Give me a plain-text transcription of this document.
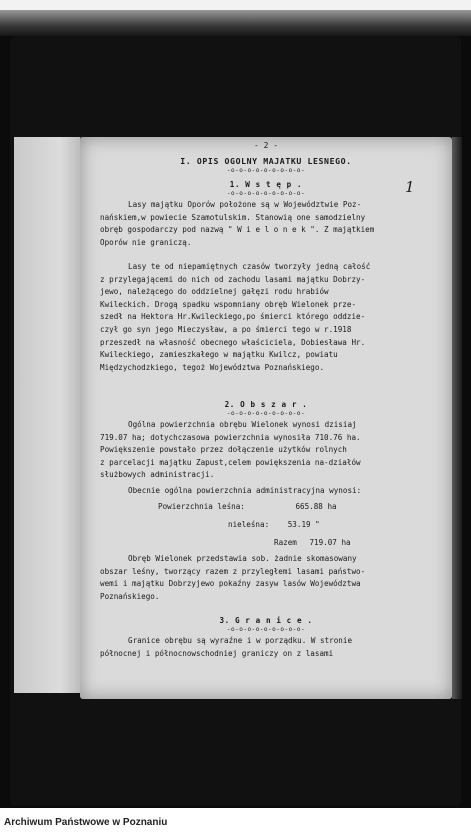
- 2 -
I. OPIS OGOLNY MAJATKU LESNEGO.
-o-o-o-o-o-o-o-o-o-
1
1. W s t ę p .
-o-o-o-o-o-o-o-o-o-
Lasy majątku Oporów położone są w Województwie Poz-
nańskiem,w powiecie Szamotulskim. Stanowią one samodzielny
obręb gospodarczy pod nazwą " W i e l o n e k ". Z majątkiem
Oporów nie graniczą.
Lasy te od niepamiętnych czasów tworzyły jedną całość
z przylegającemi do nich od zachodu lasami majątku Dobrzy-
jewo, należącego do oddzielnej gałęzi rodu hrabiów
Kwileckich. Drogą spadku wspomniany obręb Wielonek prze-
szedł na Hektora Hr.Kwileckiego,po śmierci którego oddzie-
czył go syn jego Mieczysław, a po śmierci tego w r.1918
przeszedł na własność obecnego właściciela, Dobiesława Hr.
Kwileckiego, zamieszkałego w majątku Kwilcz, powiatu
Międzychodzkiego, tegoż Województwa Poznańskiego.
2. O b s z a r .
-o-o-o-o-o-o-o-o-o-
Ogólna powierzchnia obrębu Wielonek wynosi dzisiaj
719.07 ha; dotychczasowa powierzchnia wynosiła 710.76 ha.
Powiększenie powstało przez dołączenie użytków rolnych
z parcelacji majątku Zapust,celem powiększenia na-działów
służbowych administracji.
Obecnie ogólna powierzchnia administracyjna wynosi:
Powierzchnia leśna:	665.88 ha
nieleśna: 53.19 "
Razem 719.07 ha
Obręb Wielonek przedstawia sob. żadnie skomasowany
obszar leśny, tworzący razem z przyległemi lasami państwo-
wemi i majątku Dobrzyjewo pokaźny zasyw lasów Województwa
Poznańskiego.
3. G r a n i c e .
-o-o-o-o-o-o-o-o-o-
Granice obrębu są wyraźne i w porządku. W stronie
północnej i północnowschodniej graniczy on z lasami
Archiwum Państwowe w Poznaniu
